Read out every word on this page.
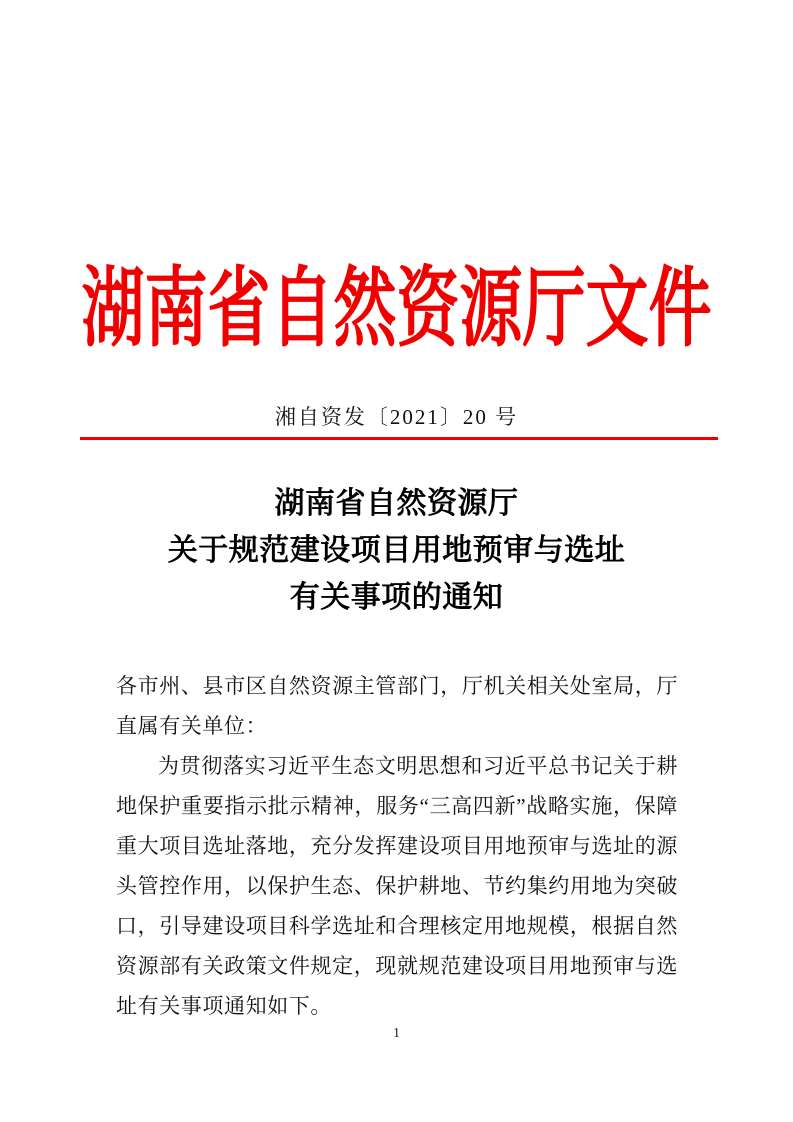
湖南省自然资源厅文件
湘自资发〔2021〕20 号
湖南省自然资源厅
关于规范建设项目用地预审与选址
有关事项的通知

各市州、县市区自然资源主管部门，厅机关相关处室局，厅直属有关单位：

为贯彻落实习近平生态文明思想和习近平总书记关于耕地保护重要指示批示精神，服务“三高四新”战略实施，保障重大项目选址落地，充分发挥建设项目用地预审与选址的源头管控作用，以保护生态、保护耕地、节约集约用地为突破口，引导建设项目科学选址和合理核定用地规模，根据自然资源部有关政策文件规定，现就规范建设项目用地预审与选址有关事项通知如下。

1
